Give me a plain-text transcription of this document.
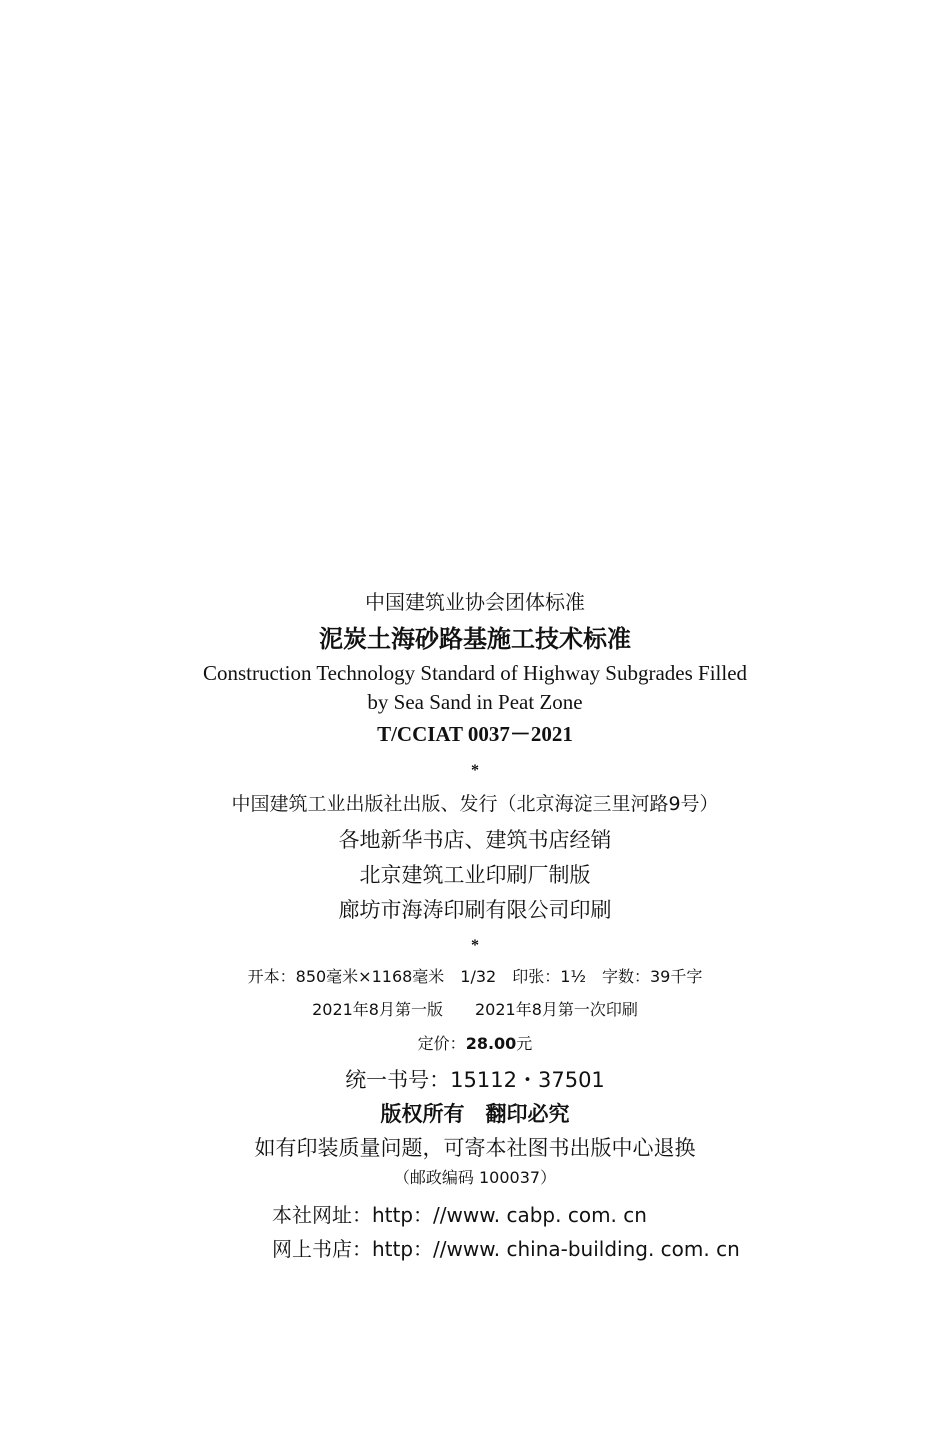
中国建筑业协会团体标准
泥炭土海砂路基施工技术标准
Construction Technology Standard of Highway Subgrades Filled
by Sea Sand in Peat Zone
T/CCIAT 0037－2021
*
中国建筑工业出版社出版、发行（北京海淀三里河路9号）
各地新华书店、建筑书店经销
北京建筑工业印刷厂制版
廊坊市海涛印刷有限公司印刷
*
开本：850毫米×1168毫米　1/32　 印张：1½　 字数：39千字
2021年8月第一版　　 2021年8月第一次印刷
定价：28.00元
统一书号：15112・37501
版权所有　翻印必究
如有印装质量问题，可寄本社图书出版中心退换
（邮政编码 100037）
本社网址：http：//www. cabp. com. cn
网上书店：http：//www. china-building. com. cn
